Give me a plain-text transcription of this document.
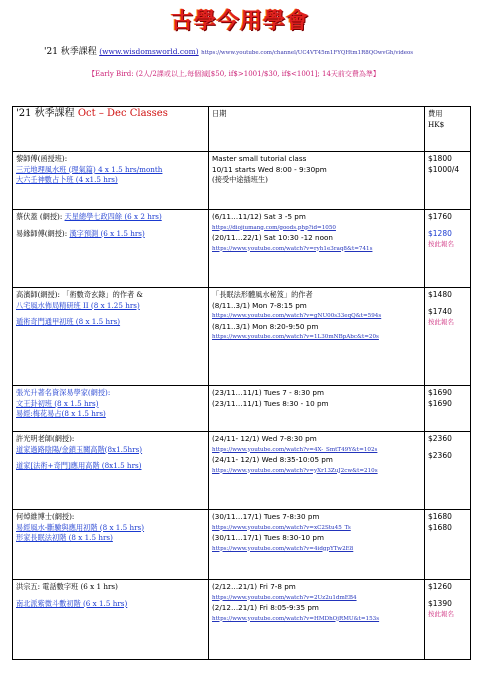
古學今用學會
'21 秋季課程 (www.wisdomsworld.com) https://www.youtube.com/channel/UC4VT45m1FYQHtm1R8QOwvGh/videos
【Early Bird: (2人/2課或以上,每個減[$50, if$>1001/$30, if$<1001]; 14天前交費為準】
'21 秋季課程 Oct – Dec Classes	日期	費用
HK$

黎師傅(函授班):
三元地理風水班 (理氣篇) 4 x 1.5 hrs/month
大六壬神數占卜班 (4 x1.5 hrs)	Master small tutorial class
10/11 starts Wed 8:00 - 9:30pm
(接受中途插班生)	$1800
$1000/4

蔡伏蓋 (網授): 天星總學七政四餘 (6 x 2 hrs)
易緣師傅(網授): 漢字預測 (6 x 1.5 hrs)	(6/11…11/12) Sat 3 -5 pm
https://diojiumang.com/goods.php?id=1050
(20/11…22/1) Sat 10:30 -12 noon
https://www.youtube.com/watch?v=ryh1e3raq8&t=741s	$1760
$1280
按此報名

高濱師(網授): 「術數奇玄錄」的作者 &
八宅風水佈局精研班 II (8 x 1.25 hrs)
遁術奇門通甲初班 (8 x 1.5 hrs)	「長眠法形體風水秘笈」的作者
(8/11..3/1) Mon 7-8:15 pm
https://www.youtube.com/watch?v=gNU00s33eqQ&t=594s
(8/11..3/1) Mon 8:20-9:50 pm
https://www.youtube.com/watch?v=1L30mNBpAbc&t=20s	$1480
$1740
按此報名

張光升著名資深易學家(網授):
文王卦初班 (8 x 1.5 hrs)
易經:梅花易占(8 x 1.5 hrs)	(23/11…11/1) Tues 7 - 8:30 pm
(23/11…11/1) Tues 8:30 - 10 pm	$1690
$1690

許光明老師(網授):
道家過路陰陽/金鎖玉關高階(8x1.5hrs)
道家[法術+奇門]應用高階 (8x1.5 hrs)	(24/11- 12/1) Wed 7-8:30 pm
https://www.youtube.com/watch?v=4X-_SmtT49Y&t=102s
(24/11- 12/1) Wed 8:35-10:05 pm
https://www.youtube.com/watch?v=yXr13ZuJ2cw&t=210s	$2360
$2360

何焯維博士(網授):
易經風水-斷驗與應用初階 (8 x 1.5 hrs)
形家長眠法初階 (8 x 1.5 hrs)	(30/11…17/1) Tues 7-8:30 pm
https://www.youtube.com/watch?v=xC2Stu45_Ts
(30/11…17/1) Tues 8:30-10 pm
https://www.youtube.com/watch?v=4idgpYTw2E8	$1680
$1680

洪宗五: 電話數字班 (6 x 1 hrs)
南北派紫微斗數初階 (6 x 1.5 hrs)	(2/12…21/1) Fri 7-8 pm
https://www.youtube.com/watch?v=2Uz2u1dmEB4
(2/12…21/1) Fri 8:05-9:35 pm
https://www.youtube.com/watch?v=HMDhOjRMU&t=153s	$1260
$1390
按此報名
